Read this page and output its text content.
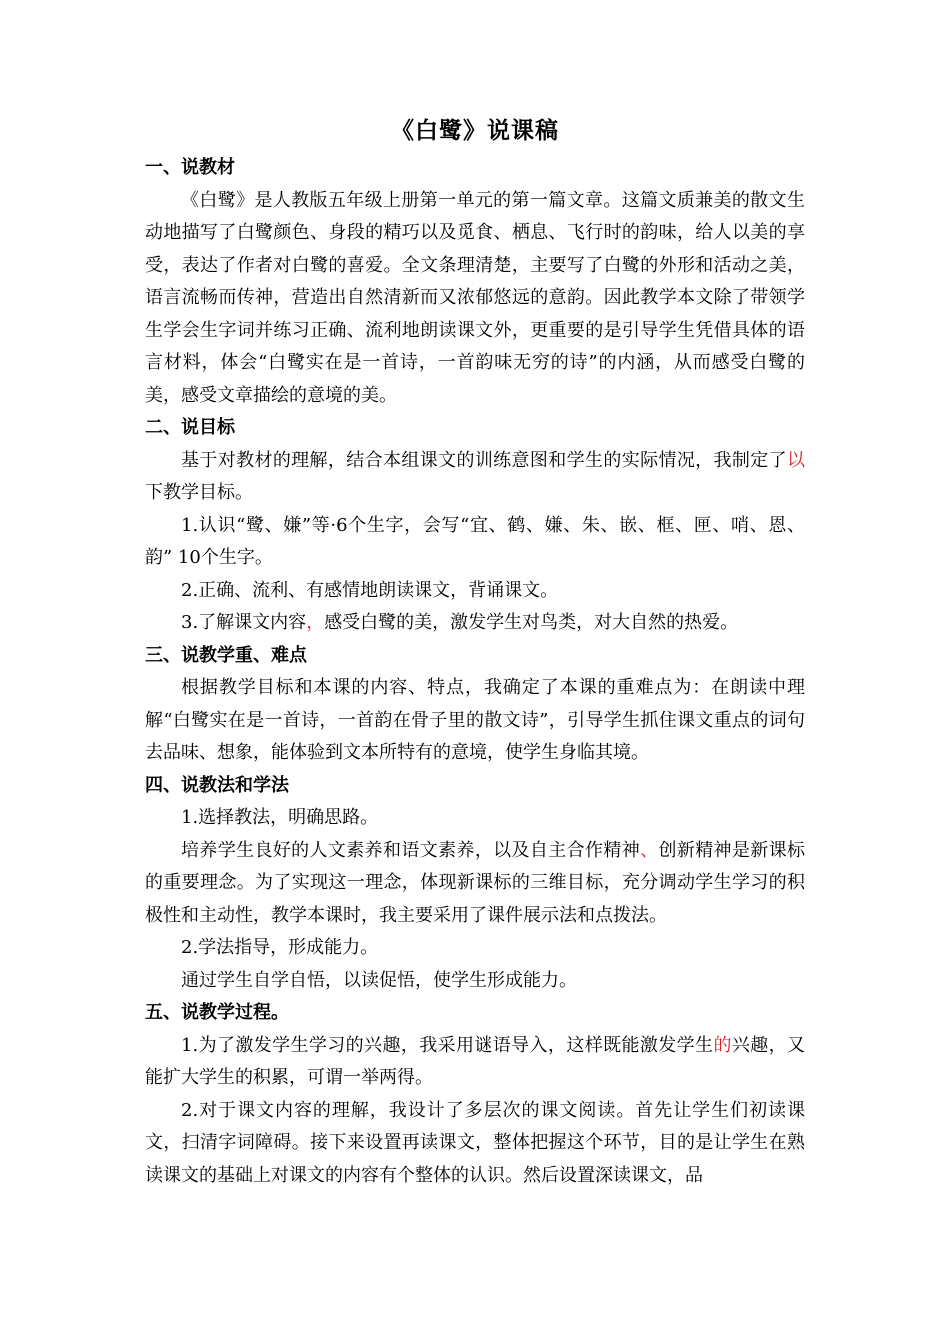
《白鹭》说课稿
一、说教材

《白鹭》是人教版五年级上册第一单元的第一篇文章。这篇文质兼美的散文生动地描写了白鹭颜色、身段的精巧以及觅食、栖息、飞行时的韵味，给人以美的享受，表达了作者对白鹭的喜爱。全文条理清楚，主要写了白鹭的外形和活动之美，语言流畅而传神，营造出自然清新而又浓郁悠远的意韵。因此教学本文除了带领学生学会生字词并练习正确、流利地朗读课文外，更重要的是引导学生凭借具体的语言材料，体会“白鹭实在是一首诗，一首韵味无穷的诗”的内涵，从而感受白鹭的美，感受文章描绘的意境的美。

二、说目标

基于对教材的理解，结合本组课文的训练意图和学生的实际情况，我制定了以下教学目标。

1.认识“鹭、嫌”等·6个生字，会写“宜、鹤、嫌、朱、嵌、框、匣、哨、恩、韵” 10个生字。

2.正确、流利、有感情地朗读课文，背诵课文。

3.了解课文内容，感受白鹭的美，激发学生对鸟类，对大自然的热爱。

三、说教学重、难点

根据教学目标和本课的内容、特点，我确定了本课的重难点为：在朗读中理解“白鹭实在是一首诗，一首韵在骨子里的散文诗”，引导学生抓住课文重点的词句去品味、想象，能体验到文本所特有的意境，使学生身临其境。

四、说教法和学法

1.选择教法，明确思路。

培养学生良好的人文素养和语文素养，以及自主合作精神、创新精神是新课标的重要理念。为了实现这一理念，体现新课标的三维目标，充分调动学生学习的积极性和主动性，教学本课时，我主要采用了课件展示法和点拨法。

2.学法指导，形成能力。

通过学生自学自悟，以读促悟，使学生形成能力。

五、说教学过程。

1.为了激发学生学习的兴趣，我采用谜语导入，这样既能激发学生的兴趣，又能扩大学生的积累，可谓一举两得。

2.对于课文内容的理解，我设计了多层次的课文阅读。首先让学生们初读课文，扫清字词障碍。接下来设置再读课文，整体把握这个环节，目的是让学生在熟读课文的基础上对课文的内容有个整体的认识。然后设置深读课文，品
